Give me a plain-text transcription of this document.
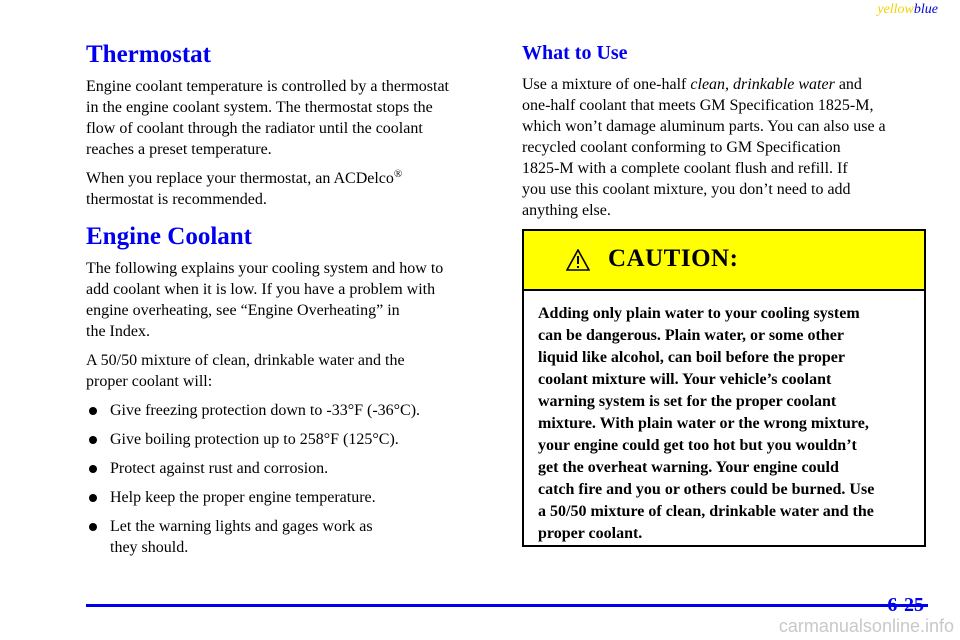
yellowblue
Thermostat

Engine coolant temperature is controlled by a thermostat
in the engine coolant system. The thermostat stops the
flow of coolant through the radiator until the coolant
reaches a preset temperature.

When you replace your thermostat, an ACDelco®
thermostat is recommended.

Engine Coolant

The following explains your cooling system and how to
add coolant when it is low. If you have a problem with
engine overheating, see “Engine Overheating” in
the Index.

A 50/50 mixture of clean, drinkable water and the
proper coolant will:

Give freezing protection down to -33°F (-36°C).
Give boiling protection up to 258°F (125°C).
Protect against rust and corrosion.
Help keep the proper engine temperature.
Let the warning lights and gages work as
they should.
What to Use

Use a mixture of one-half clean, drinkable water and
one-half coolant that meets GM Specification 1825-M,
which won’t damage aluminum parts. You can also use a
recycled coolant conforming to GM Specification
1825-M with a complete coolant flush and refill. If
you use this coolant mixture, you don’t need to add
anything else.

CAUTION:
Adding only plain water to your cooling system
can be dangerous. Plain water, or some other
liquid like alcohol, can boil before the proper
coolant mixture will. Your vehicle’s coolant
warning system is set for the proper coolant
mixture. With plain water or the wrong mixture,
your engine could get too hot but you wouldn’t
get the overheat warning. Your engine could
catch fire and you or others could be burned. Use
a 50/50 mixture of clean, drinkable water and the
proper coolant.
6-25
carmanualsonline.info
